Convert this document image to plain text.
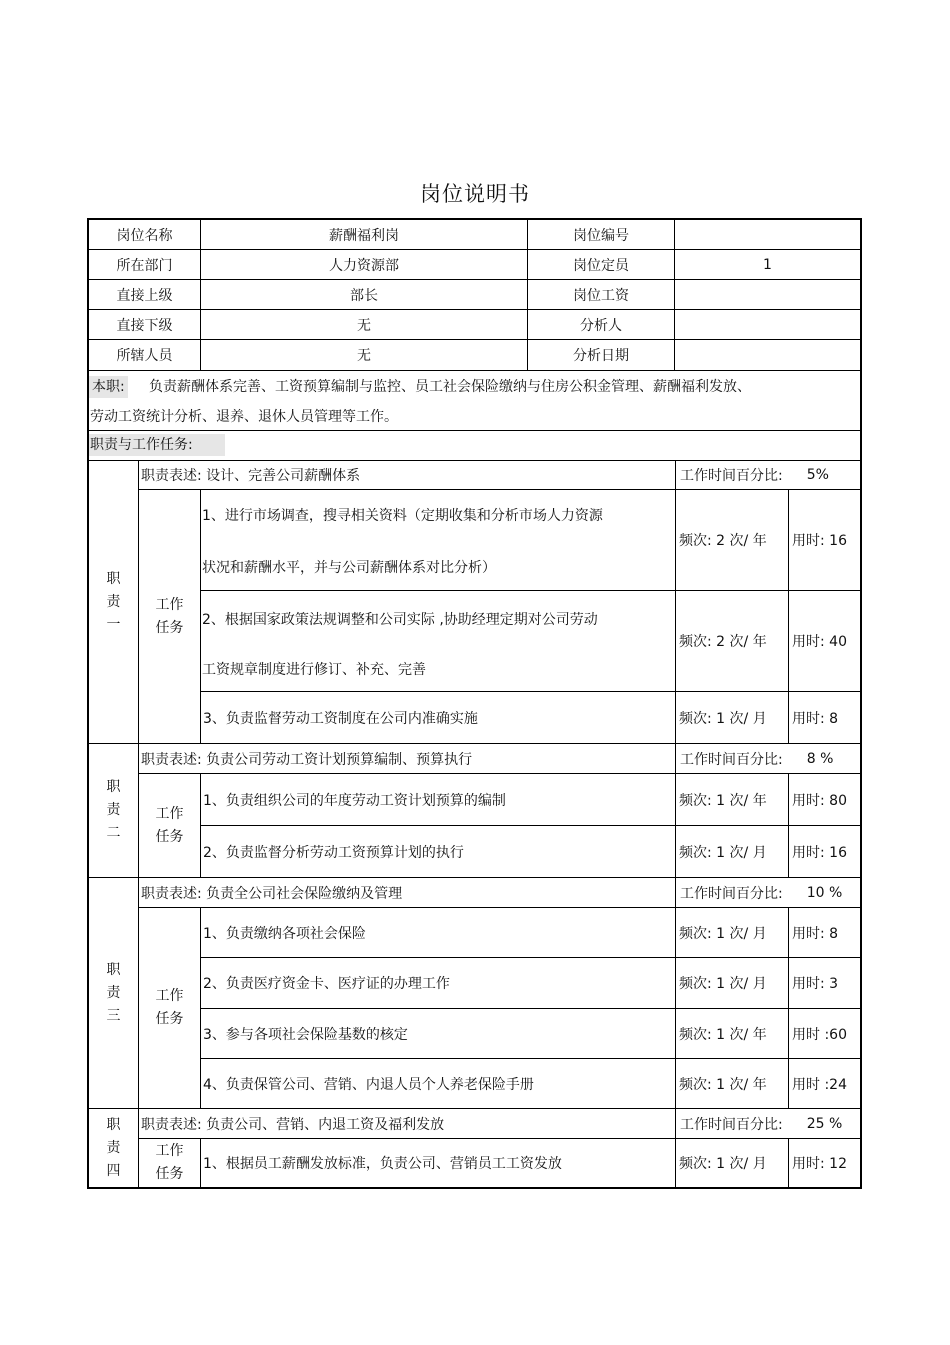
岗位说明书
岗位名称	薪酬福利岗	岗位编号
所在部门	人力资源部	岗位定员	1
直接上级	部长	岗位工资
直接下级	无	分析人
所辖人员	无	分析日期
本职: 负责薪酬体系完善、工资预算编制与监控、员工社会保险缴纳与住房公积金管理、薪酬福利发放、
劳动工资统计分析、退养、退休人员管理等工作。
职责与工作任务:
职
责
一
职责表述: 设计、完善公司薪酬体系	工作时间百分比: 5%
工作
任务
1、进行市场调查，搜寻相关资料（定期收集和分析市场人力资源
状况和薪酬水平，并与公司薪酬体系对比分析）
频次: 2 次/ 年	用时: 16
2、根据国家政策法规调整和公司实际 ,协助经理定期对公司劳动
工资规章制度进行修订、补充、完善
频次: 2 次/ 年	用时: 40
3、负责监督劳动工资制度在公司内准确实施	频次: 1 次/ 月	用时: 8
职
责
二
职责表述: 负责公司劳动工资计划预算编制、预算执行	工作时间百分比: 8 %
工作
任务
1、负责组织公司的年度劳动工资计划预算的编制	频次: 1 次/ 年	用时: 80
2、负责监督分析劳动工资预算计划的执行	频次: 1 次/ 月	用时: 16
职
责
三
职责表述: 负责全公司社会保险缴纳及管理	工作时间百分比: 10 %
工作
任务
1、负责缴纳各项社会保险	频次: 1 次/ 月	用时: 8
2、负责医疗资金卡、医疗证的办理工作	频次: 1 次/ 月	用时: 3
3、参与各项社会保险基数的核定	频次: 1 次/ 年	用时 :60
4、负责保管公司、营销、内退人员个人养老保险手册	频次: 1 次/ 年	用时 :24
职
责
四
职责表述: 负责公司、营销、内退工资及福利发放	工作时间百分比: 25 %
工作
任务
1、根据员工薪酬发放标准，负责公司、营销员工工资发放	频次: 1 次/ 月	用时: 12
